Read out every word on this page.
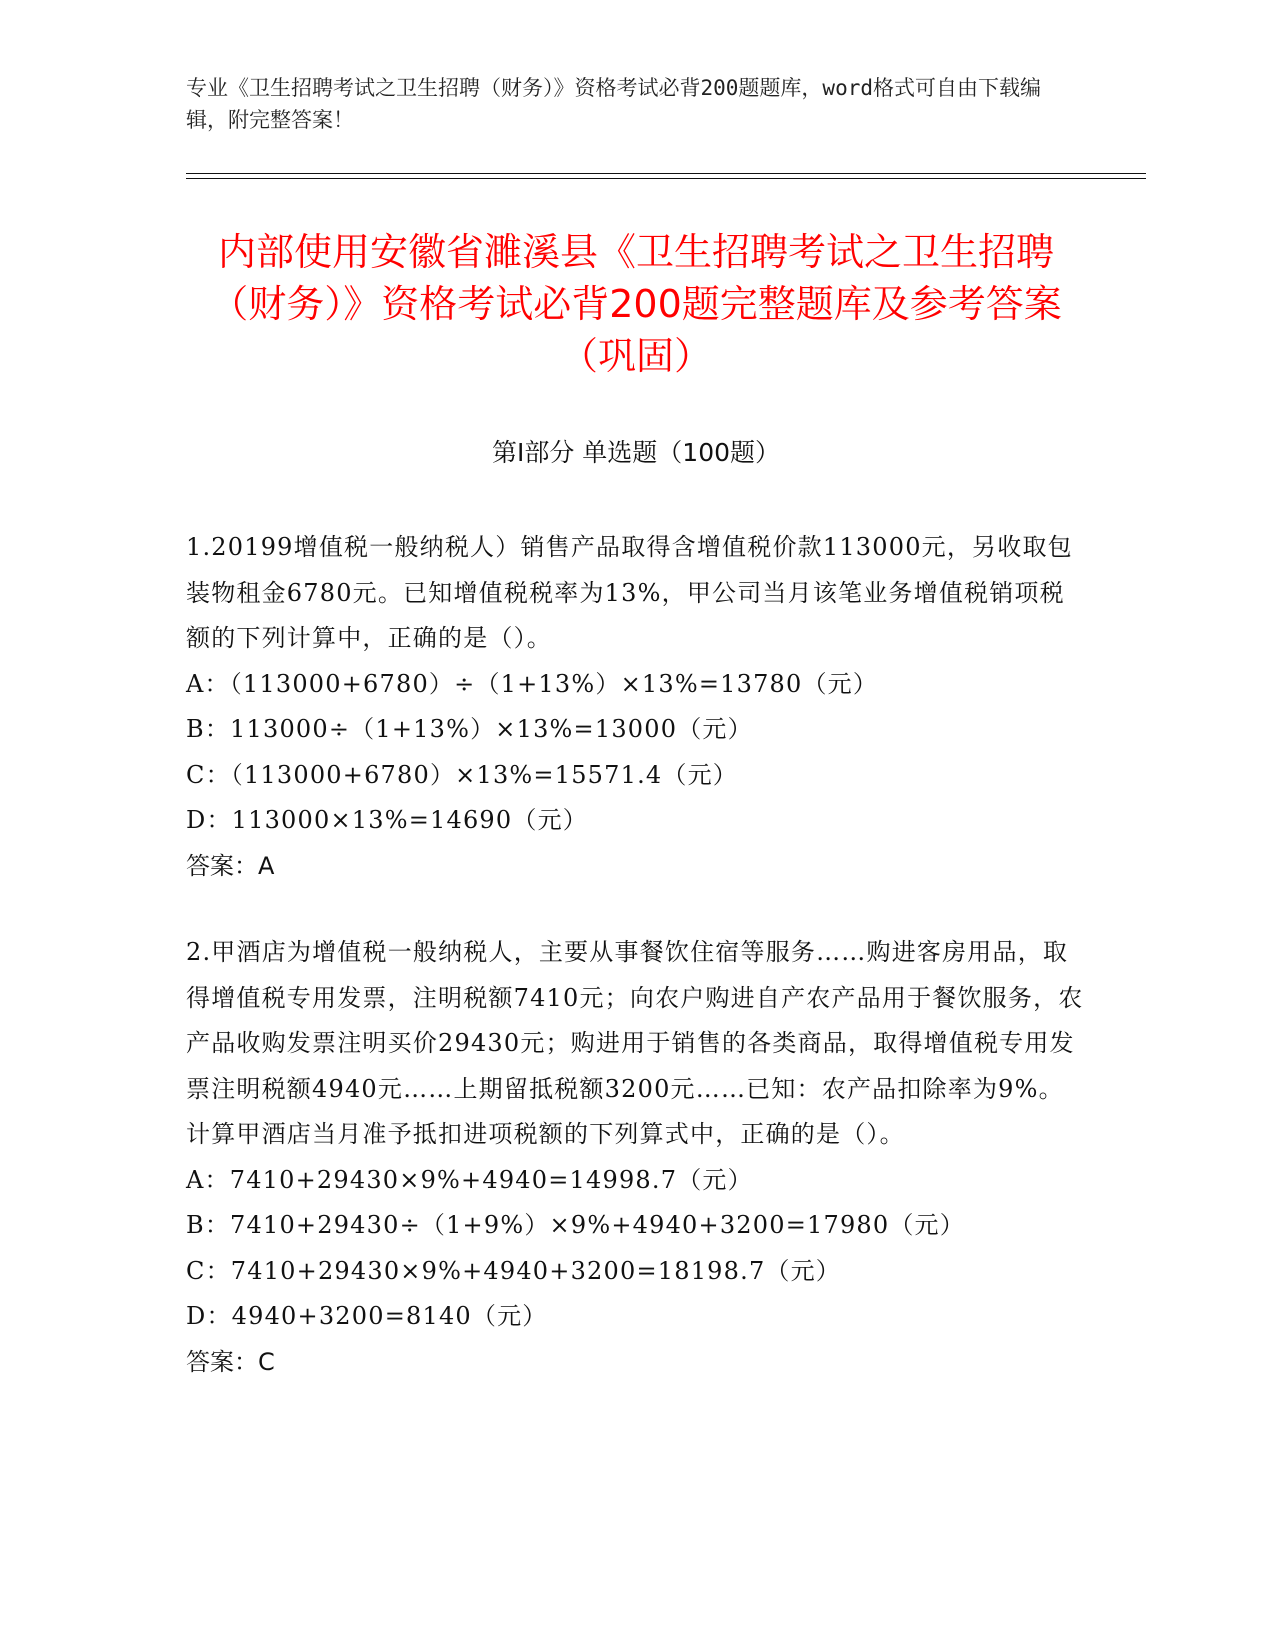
专业《卫生招聘考试之卫生招聘（财务）》资格考试必背200题题库，word格式可自由下载编辑，附完整答案！

内部使用安徽省濉溪县《卫生招聘考试之卫生招聘（财务）》资格考试必背200题完整题库及参考答案（巩固）
第Ⅰ部分 单选题（100题）

1.20199增值税一般纳税人）销售产品取得含增值税价款113000元，另收取包装物租金6780元。已知增值税税率为13%，甲公司当月该笔业务增值税销项税额的下列计算中，正确的是（）。

A：（113000+6780）÷（1+13%）×13%=13780（元）

B：113000÷（1+13%）×13%=13000（元）

C：（113000+6780）×13%=15571.4（元）

D：113000×13%=14690（元）

答案：A

2.甲酒店为增值税一般纳税人，主要从事餐饮住宿等服务……购进客房用品，取得增值税专用发票，注明税额7410元；向农户购进自产农产品用于餐饮服务，农产品收购发票注明买价29430元；购进用于销售的各类商品，取得增值税专用发票注明税额4940元……上期留抵税额3200元……已知：农产品扣除率为9%。计算甲酒店当月准予抵扣进项税额的下列算式中，正确的是（）。

A：7410+29430×9%+4940=14998.7（元）

B：7410+29430÷（1+9%）×9%+4940+3200=17980（元）

C：7410+29430×9%+4940+3200=18198.7（元）

D：4940+3200=8140（元）

答案：C
